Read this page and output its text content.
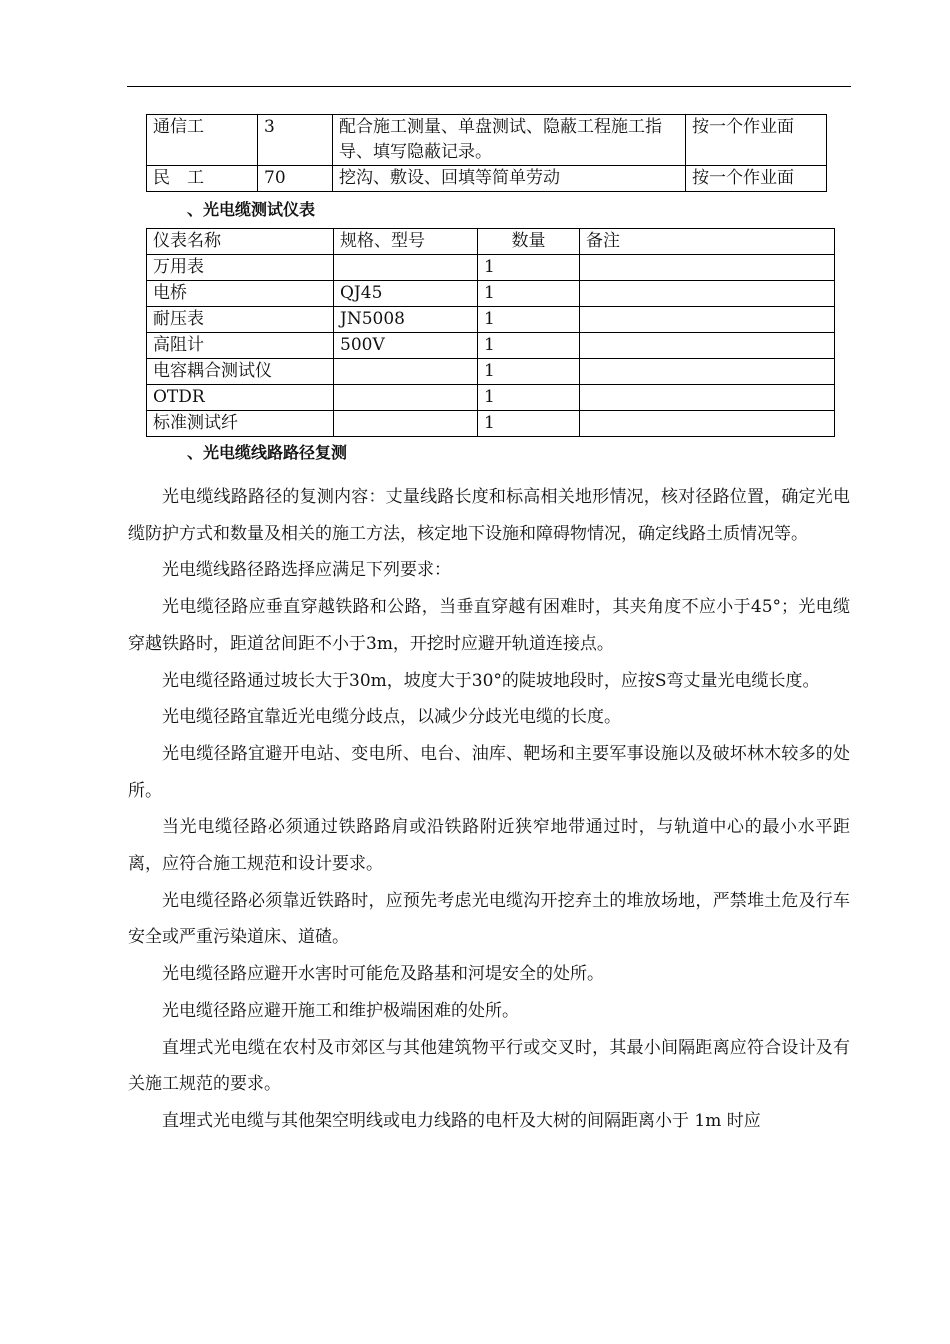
通信工	3	配合施工测量、单盘测试、隐蔽工程施工指导、填写隐蔽记录。	按一个作业面
民　工	70	挖沟、敷设、回填等简单劳动	按一个作业面
、光电缆测试仪表
仪表名称	规格、型号	数量	备注
万用表		1	
电桥	QJ45	1	
耐压表	JN5008	1	
高阻计	500V	1	
电容耦合测试仪		1	
OTDR		1	
标准测试纤		1	
、光电缆线路路径复测

光电缆线路路径的复测内容：丈量线路长度和标高相关地形情况，核对径路位置，确定光电缆防护方式和数量及相关的施工方法，核定地下设施和障碍物情况，确定线路土质情况等。

光电缆线路径路选择应满足下列要求：

光电缆径路应垂直穿越铁路和公路，当垂直穿越有困难时，其夹角度不应小于45°；光电缆穿越铁路时，距道岔间距不小于3m，开挖时应避开轨道连接点。

光电缆径路通过坡长大于30m，坡度大于30°的陡坡地段时，应按S弯丈量光电缆长度。

光电缆径路宜靠近光电缆分歧点，以减少分歧光电缆的长度。

光电缆径路宜避开电站、变电所、电台、油库、靶场和主要军事设施以及破坏林木较多的处所。

当光电缆径路必须通过铁路路肩或沿铁路附近狭窄地带通过时，与轨道中心的最小水平距离，应符合施工规范和设计要求。

光电缆径路必须靠近铁路时，应预先考虑光电缆沟开挖弃土的堆放场地，严禁堆土危及行车安全或严重污染道床、道碴。

光电缆径路应避开水害时可能危及路基和河堤安全的处所。

光电缆径路应避开施工和维护极端困难的处所。

直埋式光电缆在农村及市郊区与其他建筑物平行或交叉时，其最小间隔距离应符合设计及有关施工规范的要求。

直埋式光电缆与其他架空明线或电力线路的电杆及大树的间隔距离小于 1m 时应
